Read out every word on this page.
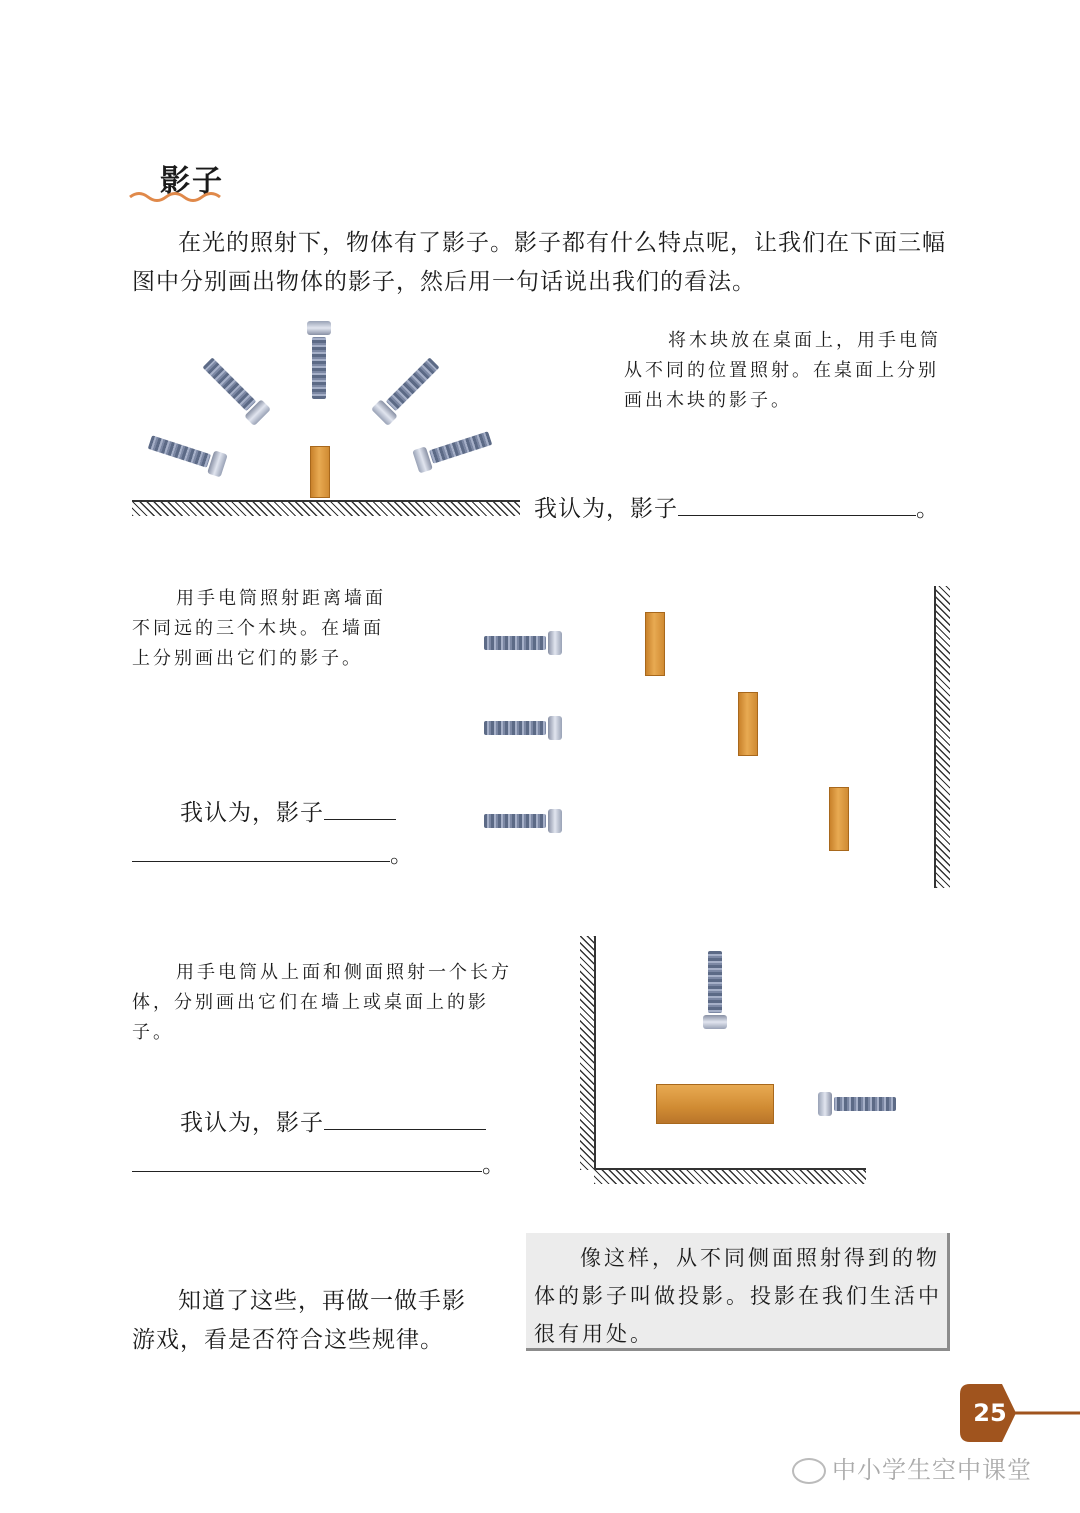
影子
在光的照射下，物体有了影子。影子都有什么特点呢，让我们在下面三幅图中分别画出物体的影子，然后用一句话说出我们的看法。
将木块放在桌面上，用手电筒从不同的位置照射。在桌面上分别画出木块的影子。
我认为，影子	。
用手电筒照射距离墙面不同远的三个木块。在墙面上分别画出它们的影子。
我认为，影子
。
用手电筒从上面和侧面照射一个长方体，分别画出它们在墙上或桌面上的影子。
我认为，影子
。
知道了这些，再做一做手影游戏，看是否符合这些规律。

像这样，从不同侧面照射得到的物体的影子叫做投影。投影在我们生活中很有用处。

25
中小学生空中课堂
